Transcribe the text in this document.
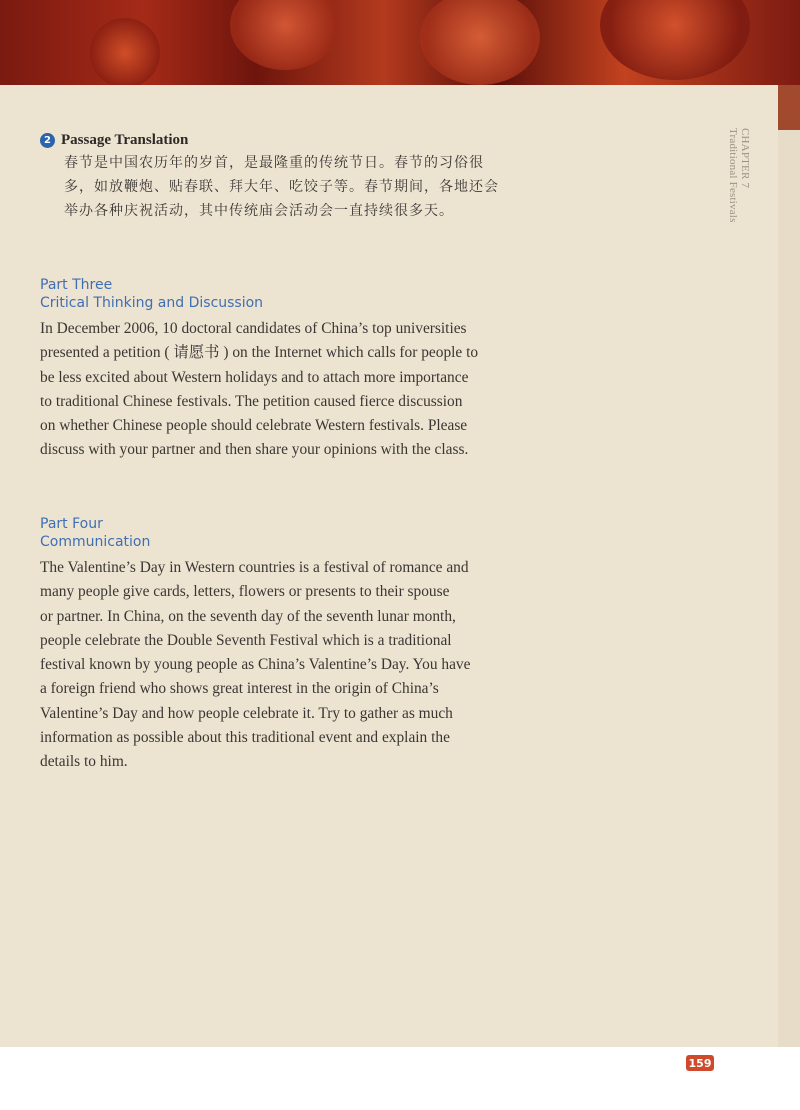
CHAPTER 7
Traditional Festivals
2 Passage Translation
春节是中国农历年的岁首，是最隆重的传统节日。春节的习俗很
多，如放鞭炮、贴春联、拜大年、吃饺子等。春节期间，各地还会
举办各种庆祝活动，其中传统庙会活动会一直持续很多天。
Part Three
Critical Thinking and Discussion
In December 2006, 10 doctoral candidates of China’s top universities
presented a petition ( 请愿书 ) on the Internet which calls for people to
be less excited about Western holidays and to attach more importance
to traditional Chinese festivals. The petition caused fierce discussion
on whether Chinese people should celebrate Western festivals. Please
discuss with your partner and then share your opinions with the class.
Part Four
Communication
The Valentine’s Day in Western countries is a festival of romance and
many people give cards, letters, flowers or presents to their spouse
or partner. In China, on the seventh day of the seventh lunar month,
people celebrate the Double Seventh Festival which is a traditional
festival known by young people as China’s Valentine’s Day. You have
a foreign friend who shows great interest in the origin of China’s
Valentine’s Day and how people celebrate it. Try to gather as much
information as possible about this traditional event and explain the
details to him.
159
